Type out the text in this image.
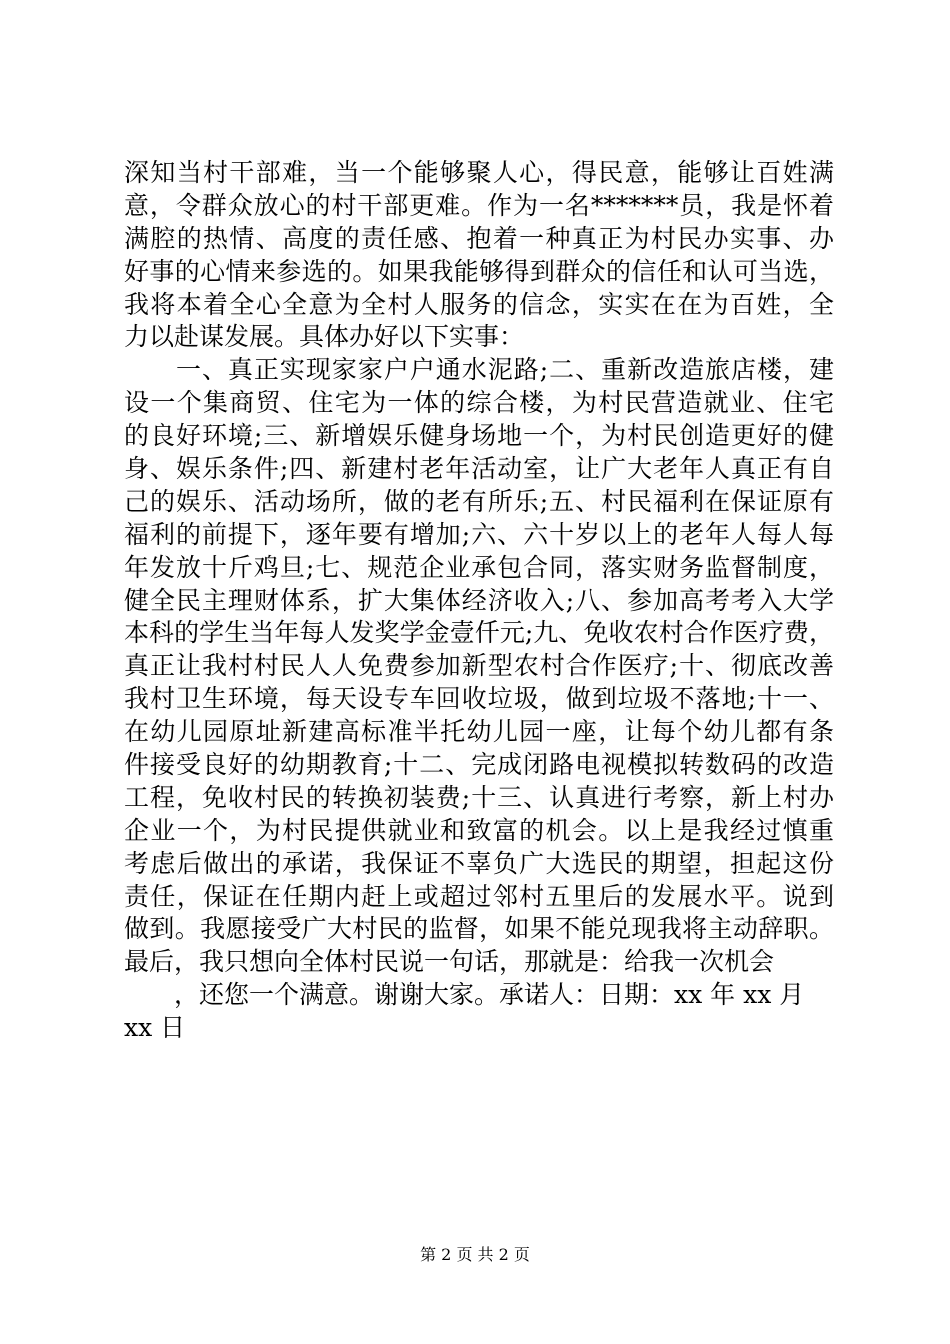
深知当村干部难，当一个能够聚人心，得民意，能够让百姓满
意，令群众放心的村干部更难。作为一名*******员，我是怀着
满腔的热情、高度的责任感、抱着一种真正为村民办实事、办
好事的心情来参选的。如果我能够得到群众的信任和认可当选，
我将本着全心全意为全村人服务的信念，实实在在为百姓，全
力以赴谋发展。具体办好以下实事：
　　一、真正实现家家户户通水泥路;二、重新改造旅店楼，建
设一个集商贸、住宅为一体的综合楼，为村民营造就业、住宅
的良好环境;三、新增娱乐健身场地一个，为村民创造更好的健
身、娱乐条件;四、新建村老年活动室，让广大老年人真正有自
己的娱乐、活动场所，做的老有所乐;五、村民福利在保证原有
福利的前提下，逐年要有增加;六、六十岁以上的老年人每人每
年发放十斤鸡旦;七、规范企业承包合同，落实财务监督制度，
健全民主理财体系，扩大集体经济收入;八、参加高考考入大学
本科的学生当年每人发奖学金壹仟元;九、免收农村合作医疗费，
真正让我村村民人人免费参加新型农村合作医疗;十、彻底改善
我村卫生环境，每天设专车回收垃圾，做到垃圾不落地;十一、
在幼儿园原址新建高标准半托幼儿园一座，让每个幼儿都有条
件接受良好的幼期教育;十二、完成闭路电视模拟转数码的改造
工程，免收村民的转换初装费;十三、认真进行考察，新上村办
企业一个，为村民提供就业和致富的机会。以上是我经过慎重
考虑后做出的承诺，我保证不辜负广大选民的期望，担起这份
责任，保证在任期内赶上或超过邻村五里后的发展水平。说到
做到。我愿接受广大村民的监督，如果不能兑现我将主动辞职。
最后，我只想向全体村民说一句话，那就是：给我一次机会
　　，还您一个满意。谢谢大家。承诺人：日期：xx 年 xx 月
xx 日
第 2 页 共 2 页
